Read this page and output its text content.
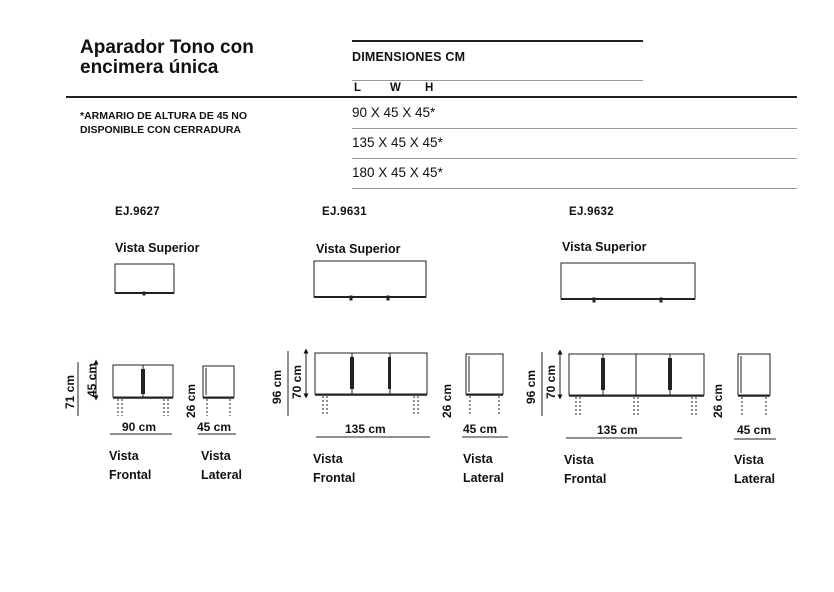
Aparador Tono con
encimera única	DIMENSIONES CM
L	W H
*ARMARIO DE ALTURA DE 45 NO
DISPONIBLE CON CERRADURA
90 X 45 X 45*
135 X 45 X 45*
180 X 45 X 45*
EJ.9627	EJ.9631	EJ.9632
Vista Superior	Vista Superior	Vista Superior
71 cm 45 cm
90 cm
26 cm
45 cm
96 cm 70 cm
135 cm
26 cm
45 cm
96 cm 70 cm
135 cm
26 cm
45 cm
Vista
Frontal
Vista
Lateral
Vista
Frontal
Vista
Lateral
Vista
Frontal
Vista
Lateral
